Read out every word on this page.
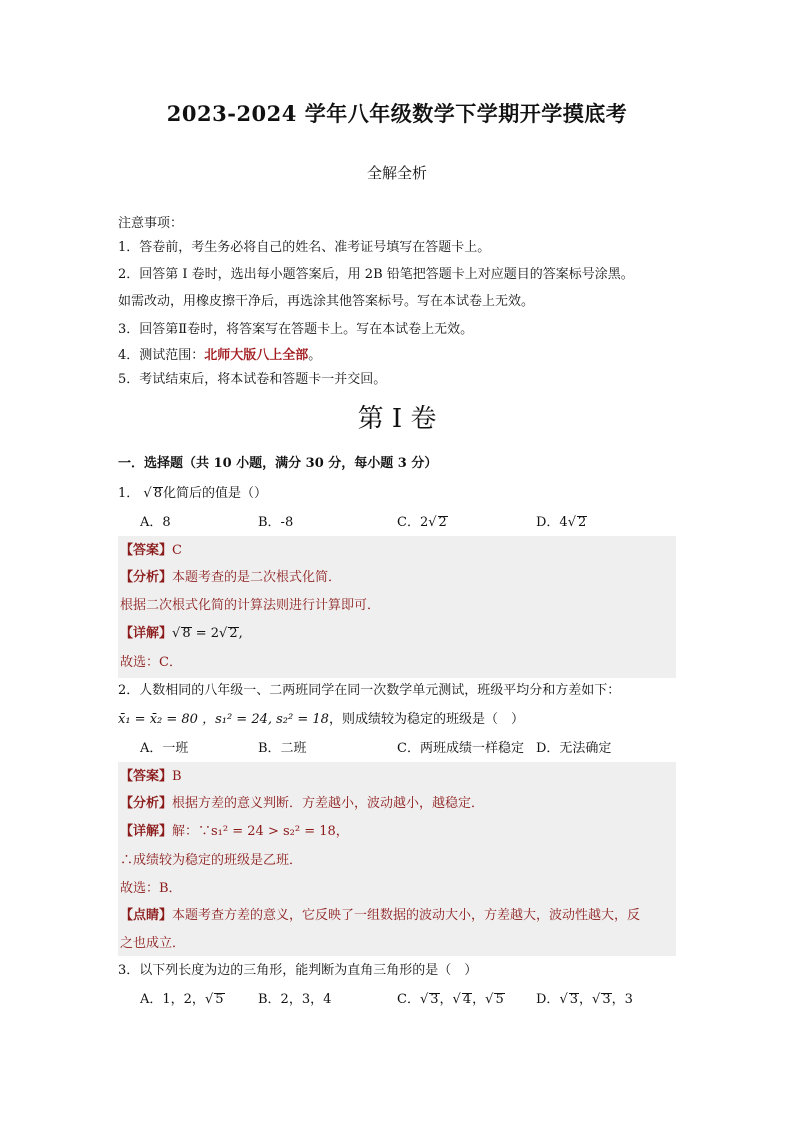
2023-2024 学年八年级数学下学期开学摸底考
全解全析
注意事项：
1．答卷前，考生务必将自己的姓名、准考证号填写在答题卡上。
2．回答第 I 卷时，选出每小题答案后，用 2B 铅笔把答题卡上对应题目的答案标号涂黑。
如需改动，用橡皮擦干净后，再选涂其他答案标号。写在本试卷上无效。
3．回答第Ⅱ卷时，将答案写在答题卡上。写在本试卷上无效。
4．测试范围：北师大版八上全部。
5．考试结束后，将本试卷和答题卡一并交回。
第 I 卷
一．选择题（共 10 小题，满分 30 分，每小题 3 分）
1． √ 8化简后的值是（）
A．8	B．-8	C．2√ 2	D．4√ 2
【答案】C
【分析】本题考查的是二次根式化简．
根据二次根式化简的计算法则进行计算即可．
【详解】√ 8 = 2√ 2,
故选：C．
2．人数相同的八年级一、二两班同学在同一次数学单元测试，班级平均分和方差如下：
x̄₁ = x̄₂ = 80 ，s₁² = 24, s₂² = 18，则成绩较为稳定的班级是（　）
A．一班	B．二班	C．两班成绩一样稳定 D．无法确定
【答案】B
【分析】根据方差的意义判断．方差越小，波动越小，越稳定．
【详解】解：∵s₁² = 24 > s₂² = 18，
∴成绩较为稳定的班级是乙班．
故选：B．
【点睛】本题考查方差的意义，它反映了一组数据的波动大小，方差越大，波动性越大，反
之也成立．
3．以下列长度为边的三角形，能判断为直角三角形的是（　）
A．1，2，√ 5	B．2，3，4	C．√ 3，√ 4，√ 5 D．√ 3，√ 3，3
